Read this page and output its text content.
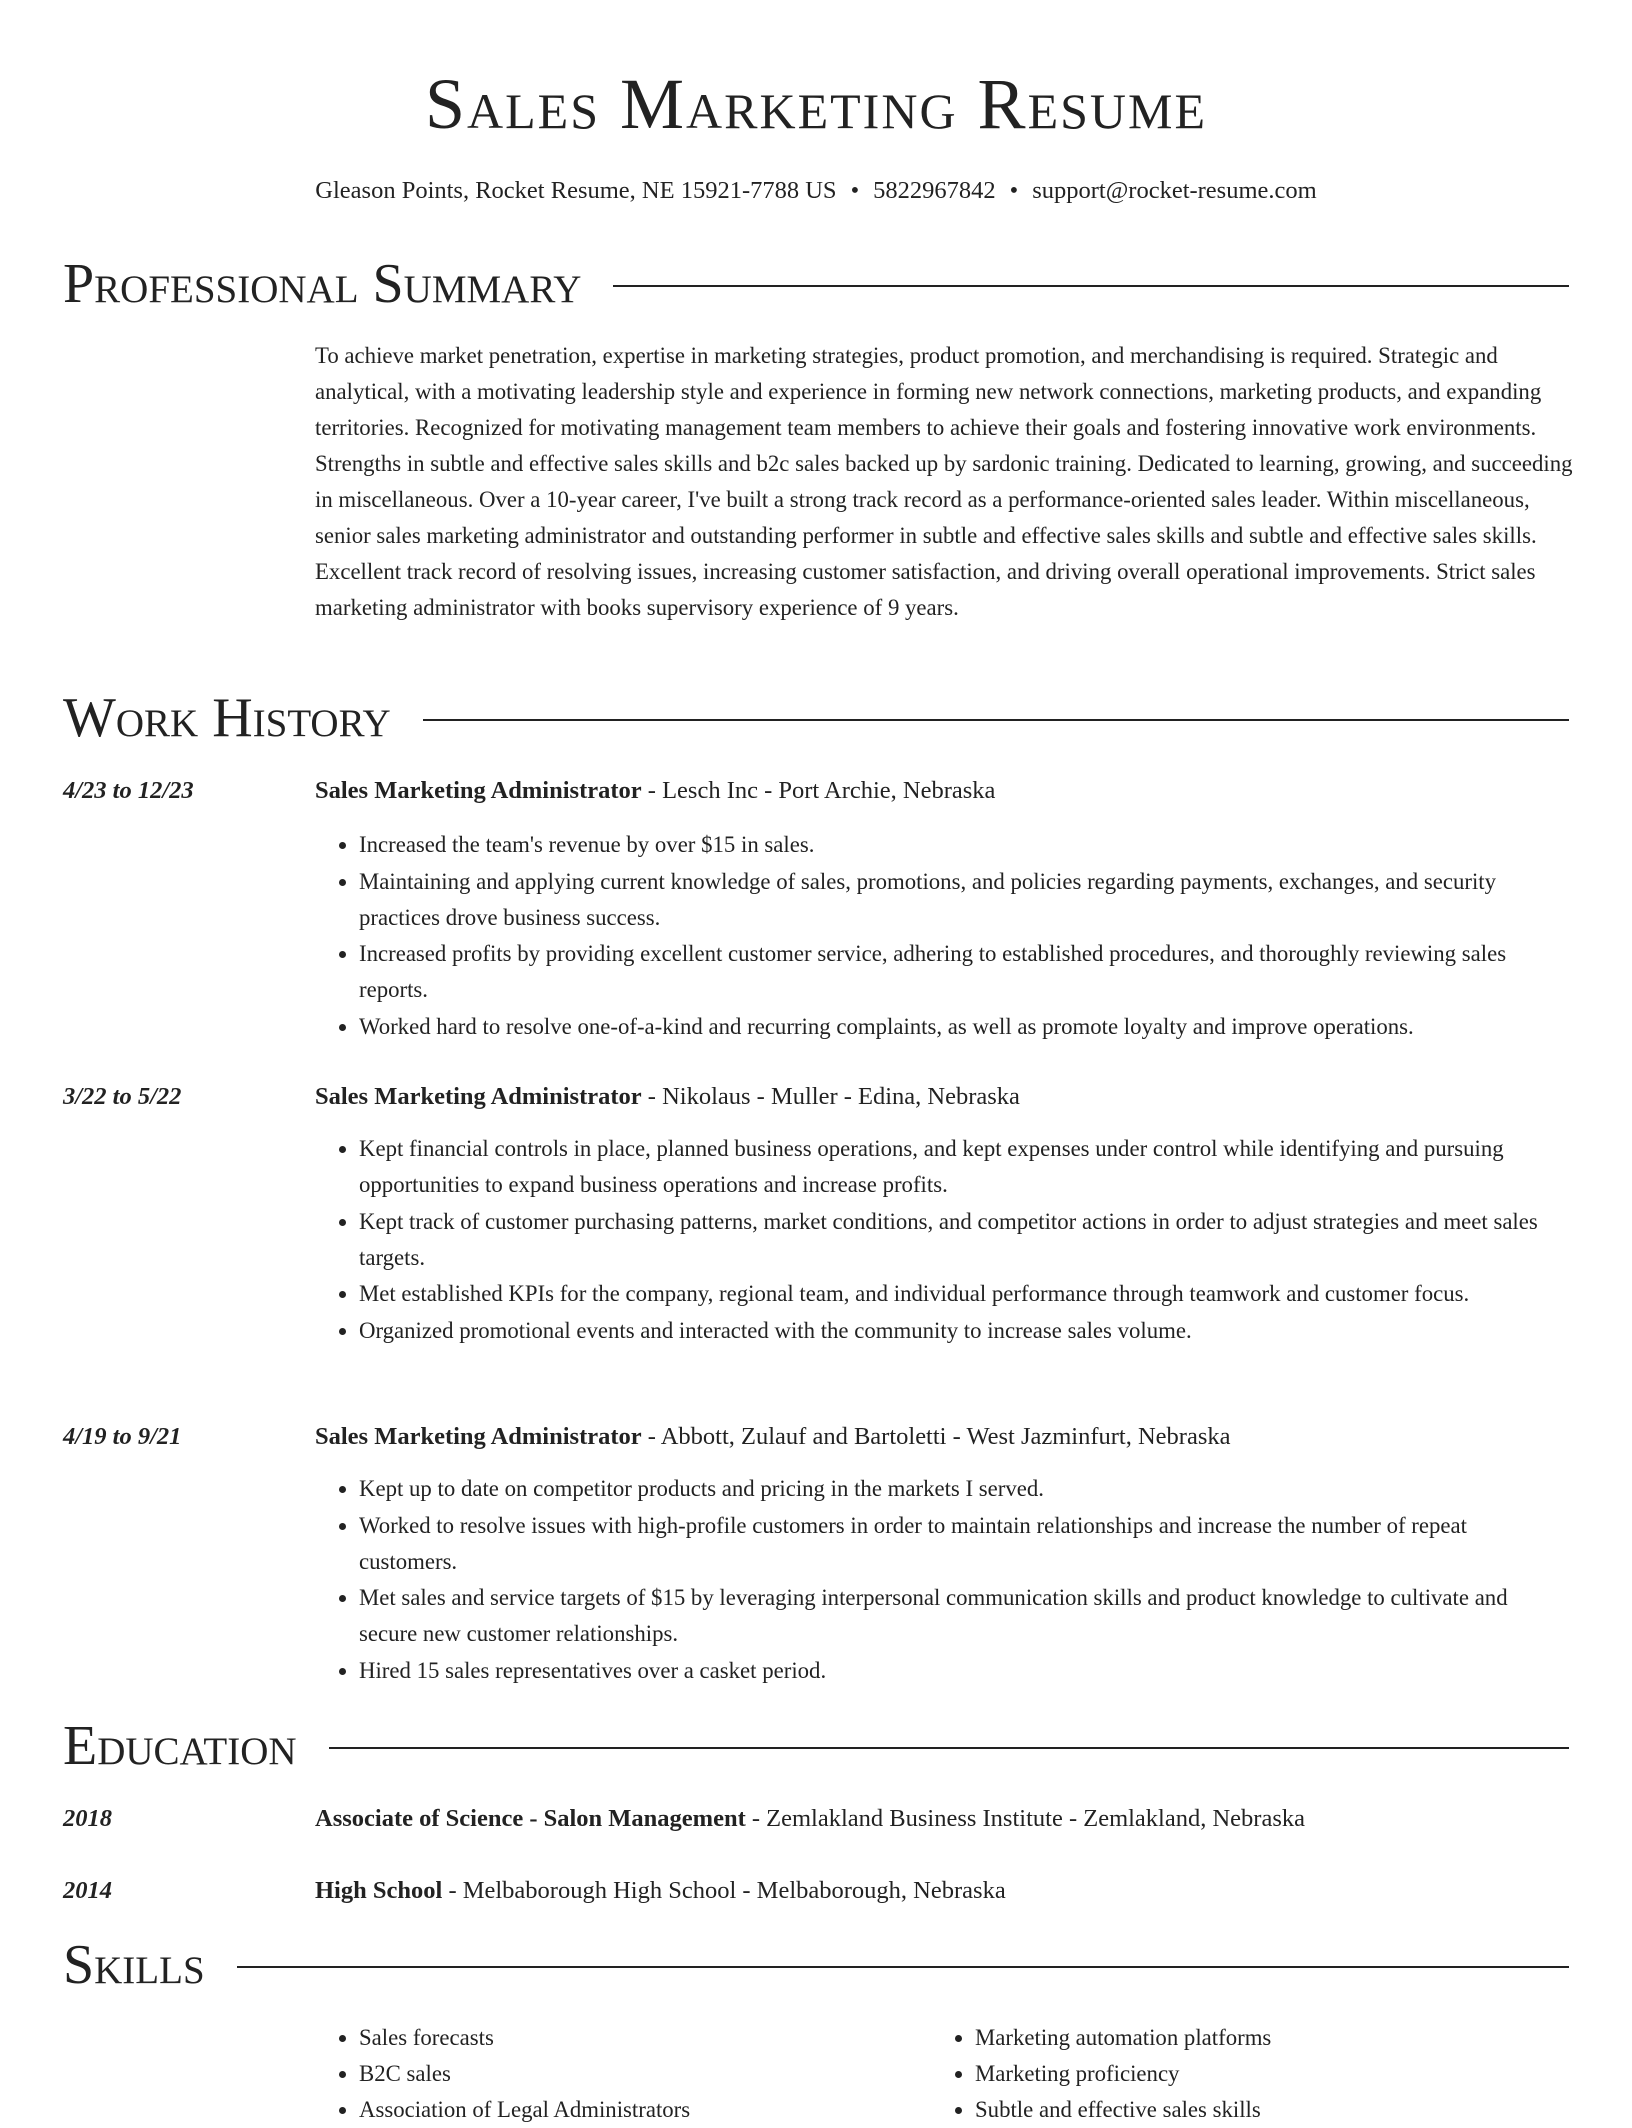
Sales Marketing Resume
Gleason Points, Rocket Resume, NE 15921-7788 US • 5822967842 • support@rocket-resume.com
Professional Summary
To achieve market penetration, expertise in marketing strategies, product promotion, and merchandising is required. Strategic and analytical, with a motivating leadership style and experience in forming new network connections, marketing products, and expanding territories. Recognized for motivating management team members to achieve their goals and fostering innovative work environments. Strengths in subtle and effective sales skills and b2c sales backed up by sardonic training. Dedicated to learning, growing, and succeeding in miscellaneous. Over a 10-year career, I've built a strong track record as a performance-oriented sales leader. Within miscellaneous, senior sales marketing administrator and outstanding performer in subtle and effective sales skills and subtle and effective sales skills. Excellent track record of resolving issues, increasing customer satisfaction, and driving overall operational improvements. Strict sales marketing administrator with books supervisory experience of 9 years.
Work History
4/23 to 12/23	Sales Marketing Administrator - Lesch Inc - Port Archie, Nebraska
• Increased the team's revenue by over $15 in sales.
• Maintaining and applying current knowledge of sales, promotions, and policies regarding payments, exchanges, and security practices drove business success.
• Increased profits by providing excellent customer service, adhering to established procedures, and thoroughly reviewing sales reports.
• Worked hard to resolve one-of-a-kind and recurring complaints, as well as promote loyalty and improve operations.
3/22 to 5/22	Sales Marketing Administrator - Nikolaus - Muller - Edina, Nebraska
• Kept financial controls in place, planned business operations, and kept expenses under control while identifying and pursuing opportunities to expand business operations and increase profits.
• Kept track of customer purchasing patterns, market conditions, and competitor actions in order to adjust strategies and meet sales targets.
• Met established KPIs for the company, regional team, and individual performance through teamwork and customer focus.
• Organized promotional events and interacted with the community to increase sales volume.
4/19 to 9/21	Sales Marketing Administrator - Abbott, Zulauf and Bartoletti - West Jazminfurt, Nebraska
• Kept up to date on competitor products and pricing in the markets I served.
• Worked to resolve issues with high-profile customers in order to maintain relationships and increase the number of repeat customers.
• Met sales and service targets of $15 by leveraging interpersonal communication skills and product knowledge to cultivate and secure new customer relationships.
• Hired 15 sales representatives over a casket period.
Education
2018	Associate of Science - Salon Management - Zemlakland Business Institute - Zemlakland, Nebraska
2014	High School - Melbaborough High School - Melbaborough, Nebraska
Skills
• Sales forecasts
• B2C sales
• Association of Legal Administrators
• Marketing automation platforms
• Marketing proficiency
• Subtle and effective sales skills
